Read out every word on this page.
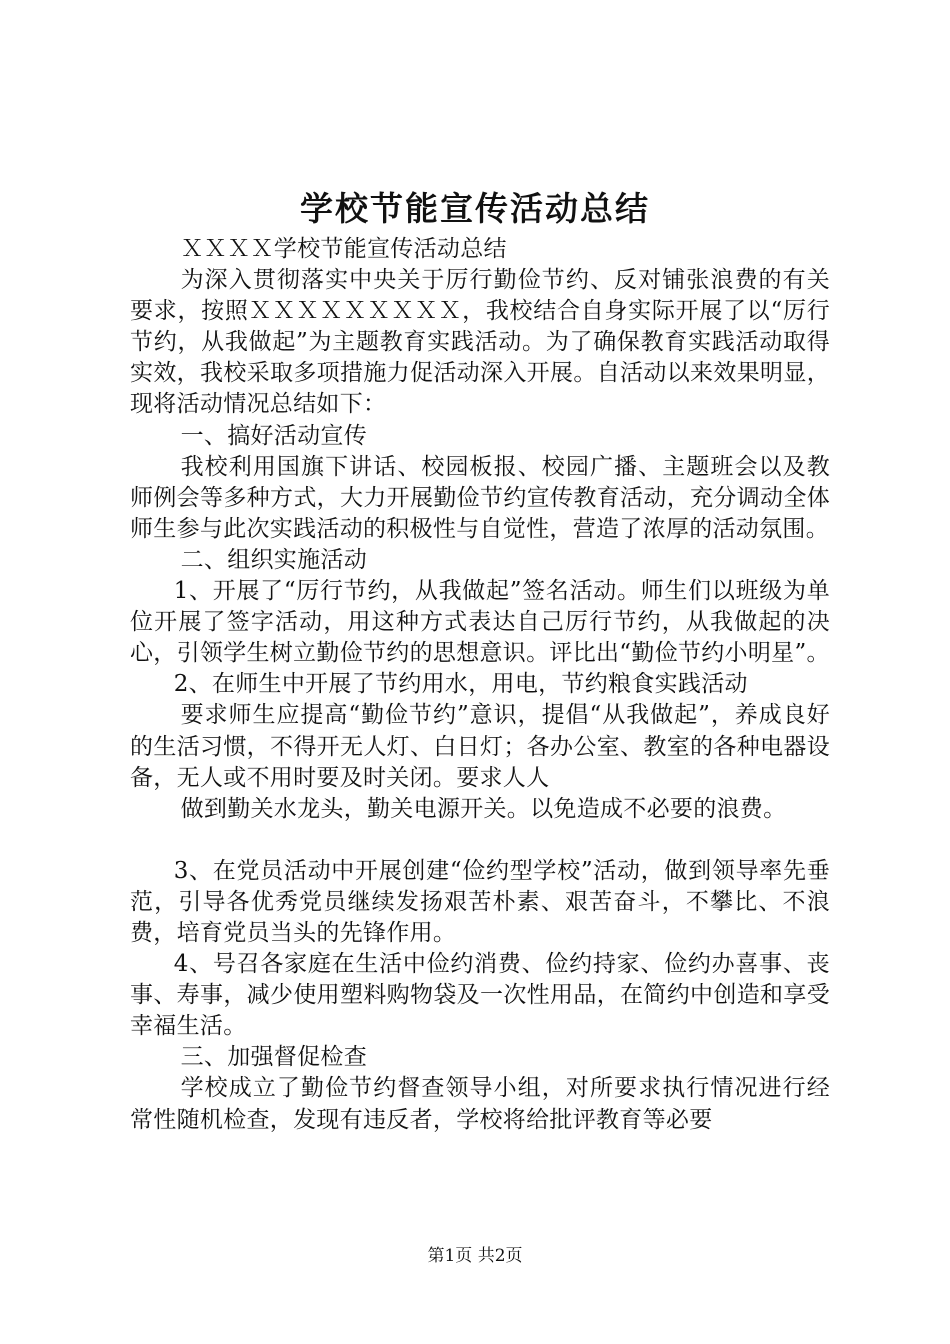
学校节能宣传活动总结

ＸＸＸＸ学校节能宣传活动总结

为深入贯彻落实中央关于厉行勤俭节约、反对铺张浪费的有关要求，按照ＸＸＸＸＸＸＸＸＸ，我校结合自身实际开展了以“厉行节约，从我做起”为主题教育实践活动。为了确保教育实践活动取得实效，我校采取多项措施力促活动深入开展。自活动以来效果明显，现将活动情况总结如下：

一、搞好活动宣传

我校利用国旗下讲话、校园板报、校园广播、主题班会以及教师例会等多种方式，大力开展勤俭节约宣传教育活动，充分调动全体师生参与此次实践活动的积极性与自觉性，营造了浓厚的活动氛围。

二、组织实施活动

1、开展了“厉行节约，从我做起”签名活动。师生们以班级为单位开展了签字活动，用这种方式表达自己厉行节约，从我做起的决心，引领学生树立勤俭节约的思想意识。评比出“勤俭节约小明星”。

2、在师生中开展了节约用水，用电，节约粮食实践活动

要求师生应提高“勤俭节约”意识，提倡“从我做起”，养成良好的生活习惯，不得开无人灯、白日灯；各办公室、教室的各种电器设备，无人或不用时要及时关闭。要求人人

做到勤关水龙头，勤关电源开关。以免造成不必要的浪费。

3、在党员活动中开展创建“俭约型学校”活动，做到领导率先垂范，引导各优秀党员继续发扬艰苦朴素、艰苦奋斗，不攀比、不浪费，培育党员当头的先锋作用。

4、号召各家庭在生活中俭约消费、俭约持家、俭约办喜事、丧事、寿事，减少使用塑料购物袋及一次性用品，在简约中创造和享受幸福生活。

三、加强督促检查

学校成立了勤俭节约督查领导小组，对所要求执行情况进行经常性随机检查，发现有违反者，学校将给批评教育等必要

第1页 共2页
